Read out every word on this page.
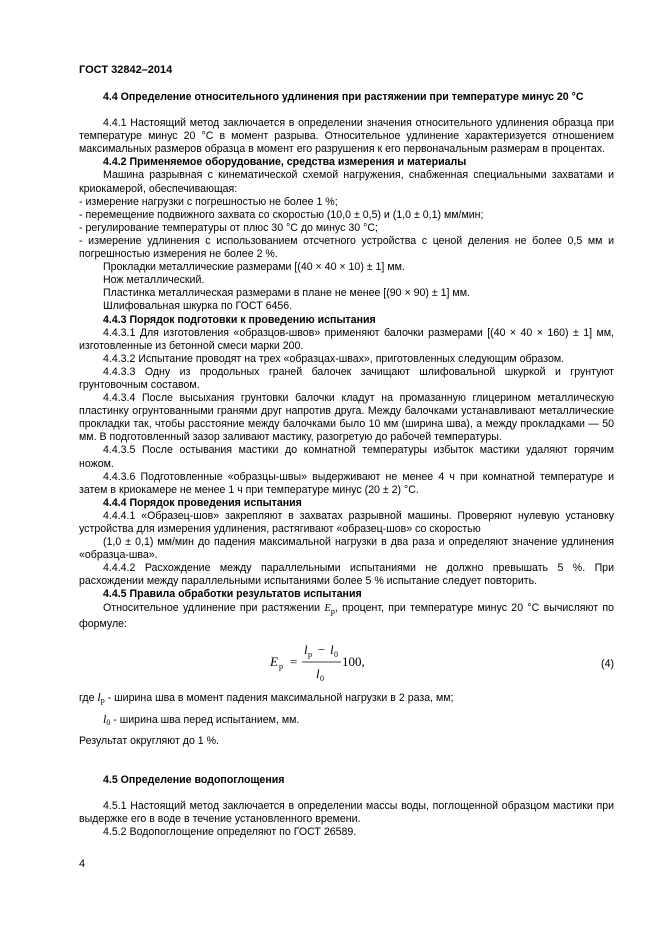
ГОСТ 32842–2014

4.4 Определение относительного удлинения при растяжении при температуре минус 20 °С

4.4.1 Настоящий метод заключается в определении значения относительного удлинения образца при температуре минус 20 °С в момент разрыва. Относительное удлинение характеризуется отношением максимальных размеров образца в момент его разрушения к его первоначальным размерам в процентах.

4.4.2 Применяемое оборудование, средства измерения и материалы

Машина разрывная с кинематической схемой нагружения, снабженная специальными захватами и криокамерой, обеспечивающая:

- измерение нагрузки с погрешностью не более 1 %;

- перемещение подвижного захвата со скоростью (10,0 ± 0,5) и (1,0 ± 0,1) мм/мин;

- регулирование температуры от плюс 30 °С до минус 30 °С;

- измерение удлинения с использованием отсчетного устройства с ценой деления не более 0,5 мм и погрешностью измерения не более 2 %.

Прокладки металлические размерами [(40 × 40 × 10) ± 1] мм.

Нож металлический.

Пластинка металлическая размерами в плане не менее [(90 × 90) ± 1] мм.

Шлифовальная шкурка по ГОСТ 6456.

4.4.3 Порядок подготовки к проведению испытания

4.4.3.1 Для изготовления «образцов-швов» применяют балочки размерами [(40 × 40 × 160) ± 1] мм, изготовленные из бетонной смеси марки 200.

4.4.3.2 Испытание проводят на трех «образцах-швах», приготовленных следующим образом.

4.4.3.3 Одну из продольных граней балочек зачищают шлифовальной шкуркой и грунтуют грунтовочным составом.

4.4.3.4 После высыхания грунтовки балочки кладут на промазанную глицерином металлическую пластинку огрунтованными гранями друг напротив друга. Между балочками устанавливают металлические прокладки так, чтобы расстояние между балочками было 10 мм (ширина шва), а между прокладками — 50 мм. В подготовленный зазор заливают мастику, разогретую до рабочей температуры.

4.4.3.5 После остывания мастики до комнатной температуры избыток мастики удаляют горячим ножом.

4.4.3.6 Подготовленные «образцы-швы» выдерживают не менее 4 ч при комнатной температуре и затем в криокамере не менее 1 ч при температуре минус (20 ± 2) °С.

4.4.4 Порядок проведения испытания

4.4.4.1 «Образец-шов» закрепляют в захватах разрывной машины. Проверяют нулевую установку устройства для измерения удлинения, растягивают «образец-шов» со скоростью

(1,0 ± 0,1) мм/мин до падения максимальной нагрузки в два раза и определяют значение удлинения «образца-шва».

4.4.4.2 Расхождение между параллельными испытаниями не должно превышать 5 %. При расхождении между параллельными испытаниями более 5 % испытание следует повторить.

4.4.5 Правила обработки результатов испытания

Относительное удлинение при растяжении $E_p$, процент, при температуре минус 20 °С вычисляют по формуле:

E p =
l p − l 0
l 0
100,	(4)

где $l_p$ - ширина шва в момент падения максимальной нагрузки в 2 раза, мм;

$l_0$ - ширина шва перед испытанием, мм.

Результат округляют до 1 %.

4.5 Определение водопоглощения

4.5.1 Настоящий метод заключается в определении массы воды, поглощенной образцом мастики при выдержке его в воде в течение установленного времени.

4.5.2 Водопоглощение определяют по ГОСТ 26589.

4
